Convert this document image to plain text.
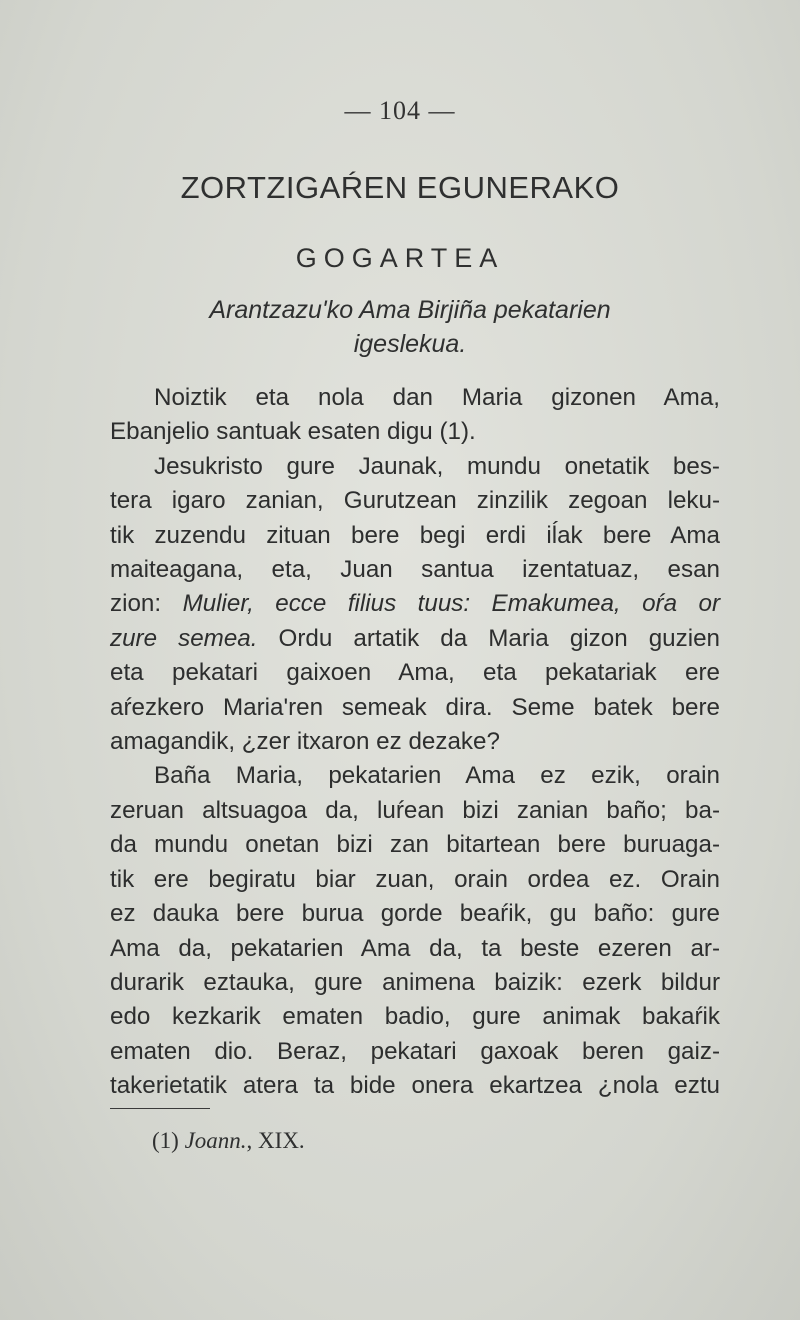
— 104 —
ZORTZIGAŔEN EGUNERAKO
GOGARTEA
Arantzazu'ko Ama Birjiña pekatarien
igeslekua.
Noiztik eta nola dan Maria gizonen Ama,
Ebanjelio santuak esaten digu (1).
Jesukristo gure Jaunak, mundu onetatik bes-
tera igaro zanian, Gurutzean zinzilik zegoan leku-
tik zuzendu zituan bere begi erdi iĺak bere Ama
maiteagana, eta, Juan santua izentatuaz, esan
zion: Mulier, ecce filius tuus: Emakumea, oŕa or
zure semea. Ordu artatik da Maria gizon guzien
eta pekatari gaixoen Ama, eta pekatariak ere
aŕezkero Maria'ren semeak dira. Seme batek bere
amagandik, ¿zer itxaron ez dezake?
Baña Maria, pekatarien Ama ez ezik, orain
zeruan altsuagoa da, luŕean bizi zanian baño; ba-
da mundu onetan bizi zan bitartean bere buruaga-
tik ere begiratu biar zuan, orain ordea ez. Orain
ez dauka bere burua gorde beaŕik, gu baño: gure
Ama da, pekatarien Ama da, ta beste ezeren ar-
durarik eztauka, gure animena baizik: ezerk bildur
edo kezkarik ematen badio, gure animak bakaŕik
ematen dio. Beraz, pekatari gaxoak beren gaiz-
takerietatik atera ta bide onera ekartzea ¿nola eztu
(1) Joann., XIX.
